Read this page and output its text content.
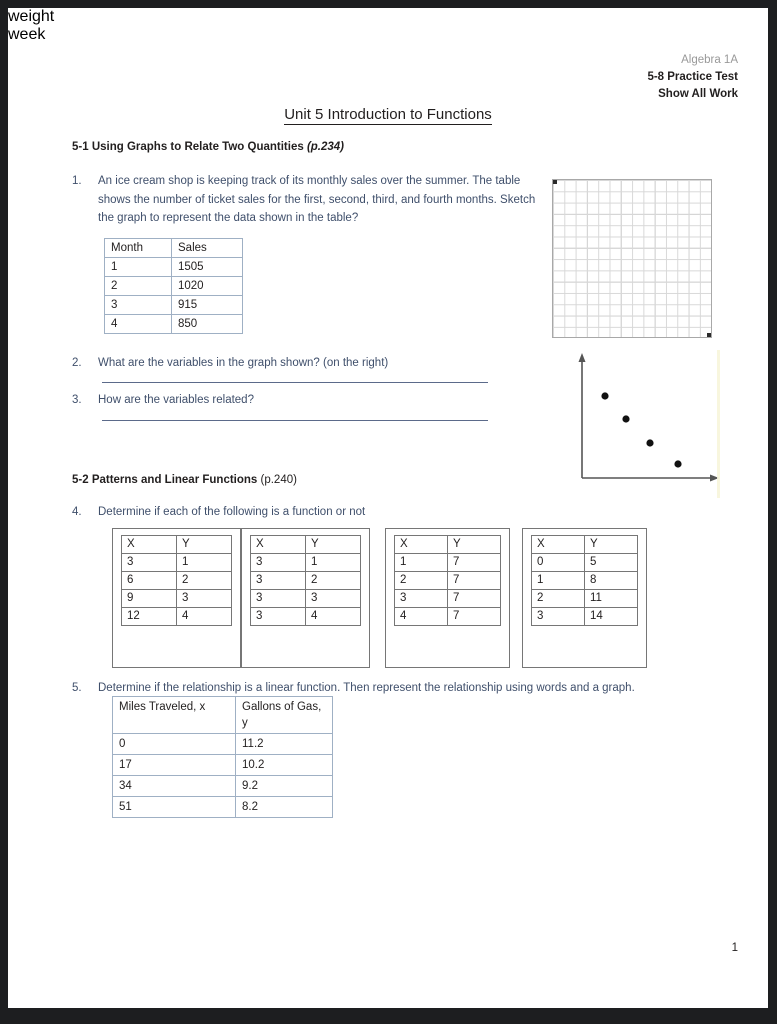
Algebra 1A
5-8 Practice Test
Show All Work
Unit 5 Introduction to Functions
5-1 Using Graphs to Relate Two Quantities (p.234)
1.	An ice cream shop is keeping track of its monthly sales over the summer. The table shows the number of ticket sales for the first, second, third, and fourth months. Sketch the graph to represent the data shown in the table?
Month	Sales
1	1505
2	1020
3	915
4	850
2.	What are the variables in the graph shown? (on the right)
3.	How are the variables related?
weight
week
5-2 Patterns and Linear Functions (p.240)
4.	Determine if each of the following is a function or not
X	Y
3	1
6	2
9	3
12	4
X	Y
3	1
3	2
3	3
3	4
X	Y
1	7
2	7
3	7
4	7
X	Y
0	5
1	8
2	11
3	14
5.	Determine if the relationship is a linear function. Then represent the relationship using words and a graph.
Miles Traveled, x	Gallons of Gas, y
0	11.2
17	10.2
34	9.2
51	8.2
1
